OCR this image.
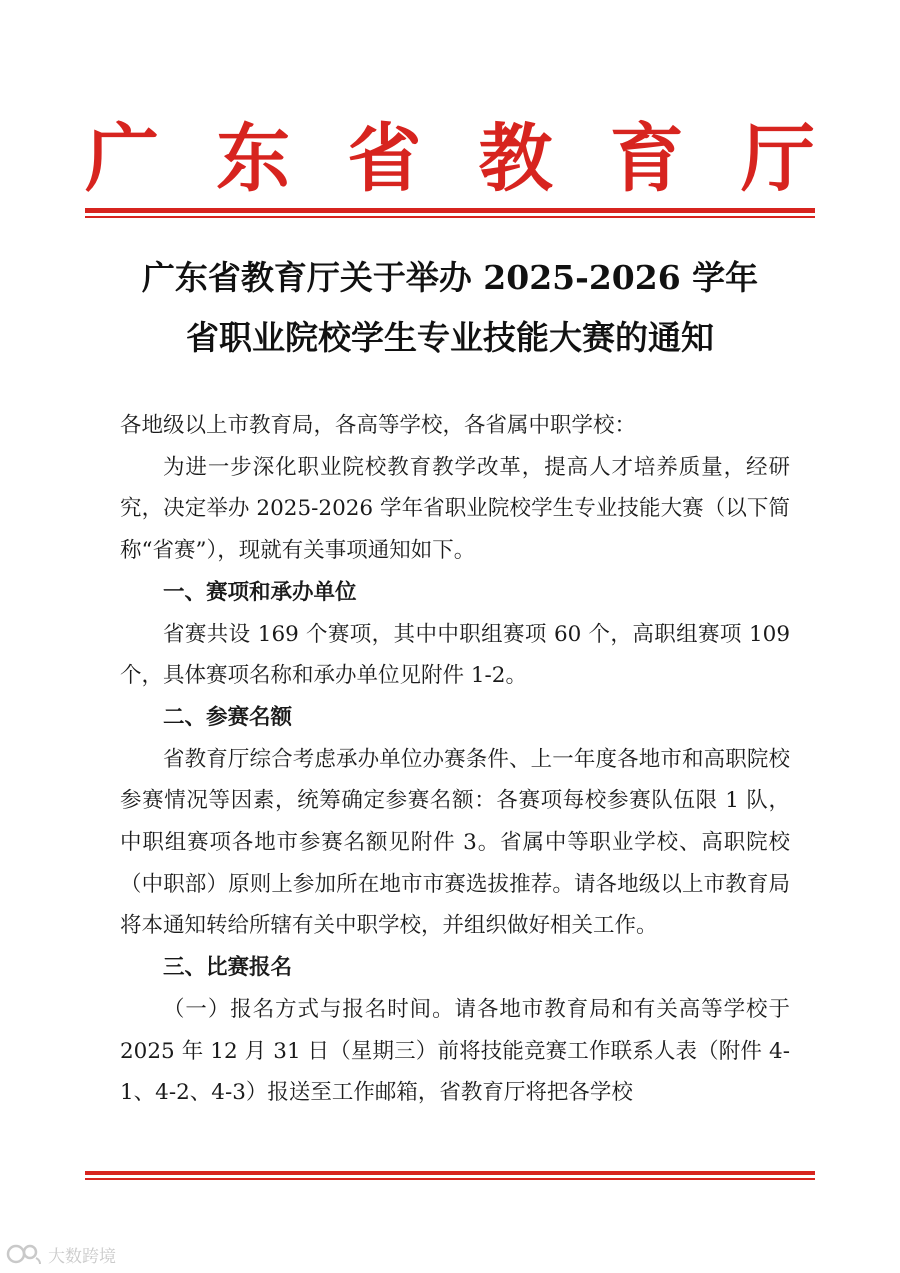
广 东 省 教 育 厅
广东省教育厅关于举办 2025-2026 学年
省职业院校学生专业技能大赛的通知

各地级以上市教育局，各高等学校，各省属中职学校：

为进一步深化职业院校教育教学改革，提高人才培养质量，经研究，决定举办 2025-2026 学年省职业院校学生专业技能大赛（以下简称“省赛”），现就有关事项通知如下。

一、赛项和承办单位

省赛共设 169 个赛项，其中中职组赛项 60 个，高职组赛项 109 个，具体赛项名称和承办单位见附件 1-2。

二、参赛名额

省教育厅综合考虑承办单位办赛条件、上一年度各地市和高职院校参赛情况等因素，统筹确定参赛名额：各赛项每校参赛队伍限 1 队，中职组赛项各地市参赛名额见附件 3。省属中等职业学校、高职院校（中职部）原则上参加所在地市市赛选拔推荐。请各地级以上市教育局将本通知转给所辖有关中职学校，并组织做好相关工作。

三、比赛报名

（一）报名方式与报名时间。请各地市教育局和有关高等学校于 2025 年 12 月 31 日（星期三）前将技能竞赛工作联系人表（附件 4-1、4-2、4-3）报送至工作邮箱，省教育厅将把各学校

大数跨境
